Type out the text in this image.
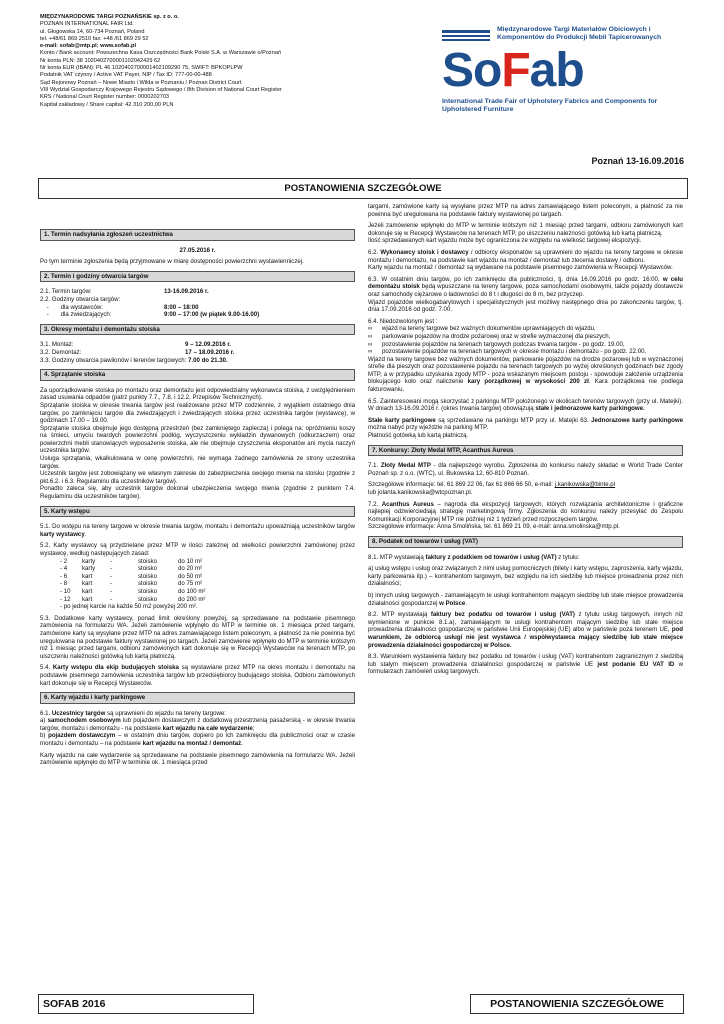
MIĘDZYNARODOWE TARGI POZNAŃSKIE sp. z o. o.
POZNAN INTERNATIONAL FAIR Ltd.
ul. Głogowska 14, 60-734 Poznań, Poland
tel. +48/61 869 2510 fax: +48 /61 869 29 52
e-mail: sofab@mtp.pl; www.sofab.pl
Konto / Bank account: Powszechna Kasa Oszczędności Bank Polski S.A. w Warszawie o/Poznań
Nr konta PLN: 38 1020402700001102042429 62
Nr konta EUR (IBAN): PL 46 1020402700001402109290 75, SWIFT: BPKOPLPW
Podatnik VAT czynny / Active VAT Payer, NIP / Tax ID: 777-00-00-488
Sąd Rejonowy Poznań – Nowe Miasto i Wilda w Poznaniu / Poznan District Court
VIII Wydział Gospodarczy Krajowego Rejestru Sądowego / 8th Division of National Court Register
KRS / National Court Register number: 0000202703
Kapitał zakładowy / Share capital: 42 310 200,00 PLN
Międzynarodowe Targi Materiałów Obiciowych i Komponentów do Produkcji Mebli Tapicerowanych
SoFab
International Trade Fair of Upholstery Fabrics and Components for Upholstered Furniture
Poznań 13-16.09.2016
POSTANOWIENIA SZCZEGÓŁOWE
1. Termin nadsyłania zgłoszeń uczestnictwa
27.05.2016 r.
Po tym terminie zgłoszenia będą przyjmowane w miarę dostępności powierzchni wystawienniczej.
2. Termin i godziny otwarcia targów
2.1. Termin targów:	13-16.09.2016 r.
2.2. Godziny otwarcia targów:
-       dla wystawców:	8:00 – 18:00
-       dla zwiedzających:	9:00 – 17:00 (w piątek 9.00-16.00)
3. Okresy montażu i demontażu stoiska
3.1. Montaż:	9 – 12.09.2016 r.
3.2. Demontaż:	17 – 18.09.2016 r.
3.3. Godziny otwarcia pawilonów i terenów targowych: 7.00 do 21.30.
4. Sprzątanie stoiska
Za uporządkowanie stoiska po montażu oraz demontażu jest odpowiedzialny wykonawca stoiska, z uwzględnieniem zasad usuwania odpadów (patrz punkty 7.7., 7.8. i 12.2. Przepisów Technicznych).
Sprzątanie stoiska w okresie trwania targów jest realizowane przez MTP codziennie, z wyjątkiem ostatniego dnia targów, po zamknięciu targów dla zwiedzających i zwiedzających stoiska przez uczestnika targów (wystawcę), w godzinach 17.00 – 19.00.
Sprzątanie stoiska obejmuje jego dostępną przestrzeń (bez zamkniętego zaplecza) i polega na: opróżnieniu koszy na śmieci, umyciu twardych powierzchni podłóg, wyczyszczeniu wykładzin dywanowych (odkurzaczem) oraz powierzchni mebli stanowiących wyposażenie stoiska, ale nie obejmuje czyszczenia eksponatów ani mycia naczyń uczestnika targów.
Usługa sprzątania, wkalkulowana w cenę powierzchni, nie wymaga żadnego zamówienia ze strony uczestnika targów.
Uczestnik targów jest zobowiązany we własnym zakresie do zabezpieczenia swojego mienia na stoisku (zgodnie z pkt.6.2. i 6.3. Regulaminu dla uczestników targów).
Ponadto zaleca się, aby uczestnik targów dokonał ubezpieczenia swojego mienia (zgodnie z punktem 7.4. Regulaminu dla uczestników targów).
5. Karty wstępu
5.1. Do wstępu na tereny targowe w okresie trwania targów, montażu i demontażu upoważniają uczestników targów karty wystawcy.
5.2. Karty wystawcy są przydzielane przez MTP w ilości zależnej od wielkości powierzchni zamówionej przez wystawcę, według następujących zasad:
- 2	karty	-	stoisko	do 10 m²
- 4	karty	-	stoisko	do 20 m²
- 6	kart	-	stoisko	do 50 m²
- 8	kart	-	stoisko	do 75 m²
- 10	kart	-	stoisko	do 100 m²
- 12	kart	-	stoisko	do 200 m²
- po jednej karcie na każde 50 m2 powyżej 200 m².
5.3. Dodatkowe karty wystawcy, ponad limit określony powyżej, są sprzedawane na podstawie pisemnego zamówienia na formularzu WA. Jeżeli zamówienie wpłynęło do MTP w terminie ok. 1 miesiąca przed targami, zamówione karty są wysyłane przez MTP na adres zamawiającego listem poleconym, a płatność za nie powinna być uregulowana na podstawie faktury wystawionej po targach. Jeżeli zamówienie wpłynęło do MTP w terminie krótszym niż 1 miesiąc przed targami, odbioru zamówionych kart dokonuje się w Recepcji Wystawców na terenach MTP, po uiszczeniu należności gotówką lub kartą płatniczą.
5.4. Karty wstępu dla ekip budujących stoiska są wystawiane przez MTP na okres montażu i demontażu na podstawie pisemnego zamówienia uczestnika targów lub przedsiębiorcy budującego stoiska. Odbioru zamówionych kart dokonuje się w Recepcji Wystawców.
6. Karty wjazdu i karty parkingowe
6.1. Uczestnicy targów są uprawnieni do wjazdu na tereny targowe:
a) samochodem osobowym lub pojazdem dostawczym z dodatkową przestrzenią pasażerską - w okresie trwania targów, montażu i demontażu - na podstawie kart wjazdu na całe wydarzenie;
b) pojazdem dostawczym – w ostatnim dniu targów, dopiero po ich zamknięciu dla publiczności oraz w czasie montażu i demontażu – na podstawie kart wjazdu na montaż / demontaż.
Karty wjazdu na całe wydarzenie są sprzedawane na podstawie pisemnego zamówienia na formularzu WA. Jeżeli zamówienie wpłynęło do MTP w terminie ok. 1 miesiąca przed
targami, zamówione karty są wysyłane przez MTP na adres zamawiającego listem poleconym, a płatność za nie powinna być uregulowana na podstawie faktury wystawionej po targach.
Jeżeli zamówienie wpłynęło do MTP w terminie krótszym niż 1 miesiąc przed targami, odbioru zamówionych kart dokonuje się w Recepcji Wystawców na terenach MTP, po uiszczeniu należności gotówką lub kartą płatniczą.
Ilość sprzedawanych kart wjazdu może być ograniczona ze względu na wielkość targowej ekspozycji.
6.2. Wykonawcy stoisk i dostawcy / odbiorcy eksponatów są uprawnieni do wjazdu na tereny targowe w okresie montażu i demontażu, na podstawie kart wjazdu na montaż / demontaż lub zlecenia dostawy / odbioru.
Karty wjazdu na montaż / demontaż są wydawane na podstawie pisemnego zamówienia w Recepcji Wystawców.
6.3. W ostatnim dniu targów, po ich zamknięciu dla publiczności, tj. dnia 16.09.2016 po godz. 16:00, w celu demontażu stoisk będą wpuszczane na tereny targowe, poza samochodami osobowymi, także pojazdy dostawcze oraz samochody ciężarowe o ładowności do 8 t i długości do 8 m, bez przyczep.
Wjazd pojazdów wielkogabarytowych i specjalistycznych jest możliwy następnego dnia po zakończeniu targów, tj. dnia 17.09.2016 od godz. 7.00.
6.4. Niedozwolonym jest :
∞	wjazd na tereny targowe bez ważnych dokumentów uprawniających do wjazdu,
∞	parkowanie pojazdów na drodze pożarowej oraz w strefie wyznaczonej dla pieszych,
∞	pozostawienie pojazdów na terenach targowych podczas trwania targów - po godz. 19.00,
∞	pozostawienie pojazdów na terenach targowych w okresie montażu i demontażu - po godz. 22.00.
Wjazd na tereny targowe bez ważnych dokumentów, parkowanie pojazdów na drodze pożarowej lub w wyznaczonej strefie dla pieszych oraz pozostawienie pojazdu na terenach targowych po wyżej określonych godzinach bez zgody MTP, a w przypadku uzyskania zgody MTP - poza wskazanym miejscem postoju - spowoduje założenie urządzenia blokującego koło oraz naliczenie kary porządkowej w wysokości 200 zł. Kara porządkowa nie podlega fakturowaniu.
6.5. Zainteresowani mogą skorzystać z parkingu MTP położonego w okolicach terenów targowych (przy ul. Matejki). W dniach 13-16.09.2016 r. (okres trwania targów) obowiązują stałe i jednorazowe karty parkingowe.
Stałe karty parkingowe są sprzedawane na parkingu MTP przy ul. Matejki 63. Jednorazowe karty parkingowe można nabyć przy wjeździe na parking MTP.
Płatność gotówką lub kartą płatniczą.
7. Konkursy: Złoty Medal MTP, Acanthus Aureus
7.1. Złoty Medal MTP - dla najlepszego wyrobu. Zgłoszenia do konkursu należy składać w World Trade Center Poznań sp. z o.o. (WTC), ul. Bukowska 12, 60-810 Poznań.
Szczegółowe informacje: tel. 61 869 22 06, fax 61 866 66 50, e-mail: j.kanikowska@binte.pl
lub jolanta.kanikowska@wtcpoznan.pl.
7.2. Acanthus Aureus – nagroda dla ekspozycji targowych, których rozwiązania architektoniczne i graficzne najlepiej odzwierciedlają strategię marketingową firmy. Zgłoszenia do konkursu należy przesyłać do Zespołu Komunikacji Korporacyjnej MTP nie później niż 1 tydzień przed rozpoczęciem targów.
Szczegółowe informacje: Anna Smolińska, tel. 61 869 21 09, e-mail: anna.smolinska@mtp.pl.
8. Podatek od towarów i usług (VAT)
8.1. MTP wystawiają faktury z podatkiem od towarów i usług (VAT) z tytułu:
a) usług wstępu i usług oraz związanych z nimi usług pomocniczych (bilety i karty wstępu, zaproszenia, karty wjazdu, karty parkowania itp.) – kontrahentom targowym, bez względu na ich siedzibę lub miejsce prowadzenia przez nich działalności;
b) innych usług targowych - zamawiającym te usługi kontrahentom mającym siedzibę lub stałe miejsce prowadzenia działalności gospodarczej w Polsce.
8.2. MTP wystawiają faktury bez podatku od towarów i usług (VAT) z tytułu usług targowych, innych niż wymienione w punkcie 8.1.a), zamawiającym te usługi kontrahentom mającym siedzibę lub stałe miejsce prowadzenia działalności gospodarczej w państwie Unii Europejskiej (UE) albo w państwie poza terenem UE, pod warunkiem, że odbiorcą usługi nie jest wystawca / współwystawca mający siedzibę lub stałe miejsce prowadzenia działalności gospodarczej w Polsce.
8.3. Warunkiem wystawienia faktury bez podatku od towarów i usług (VAT) kontrahentom zagranicznym z siedzibą lub stałym miejscem prowadzenia działalności gospodarczej w państwie UE jest podanie EU VAT ID w formularzach zamówień usług targowych.
SOFAB 2016	POSTANOWIENIA SZCZEGÓŁOWE
